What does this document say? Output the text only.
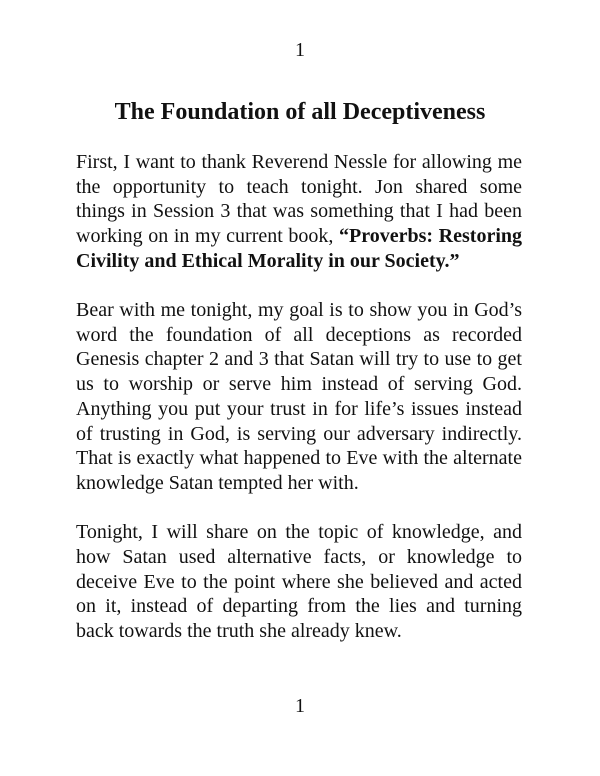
1
The Foundation of all Deceptiveness

First, I want to thank Reverend Nessle for allowing me the opportunity to teach tonight. Jon shared some things in Session 3 that was something that I had been working on in my current book, “Proverbs: Restoring Civility and Ethical Morality in our Society.”

Bear with me tonight, my goal is to show you in God’s word the foundation of all deceptions as recorded Genesis chapter 2 and 3 that Satan will try to use to get us to worship or serve him instead of serving God. Anything you put your trust in for life’s issues instead of trusting in God, is serving our adversary indirectly. That is exactly what happened to Eve with the alternate knowledge Satan tempted her with.

Tonight, I will share on the topic of knowledge, and how Satan used alternative facts, or knowledge to deceive Eve to the point where she believed and acted on it, instead of departing from the lies and turning back towards the truth she already knew.

1
